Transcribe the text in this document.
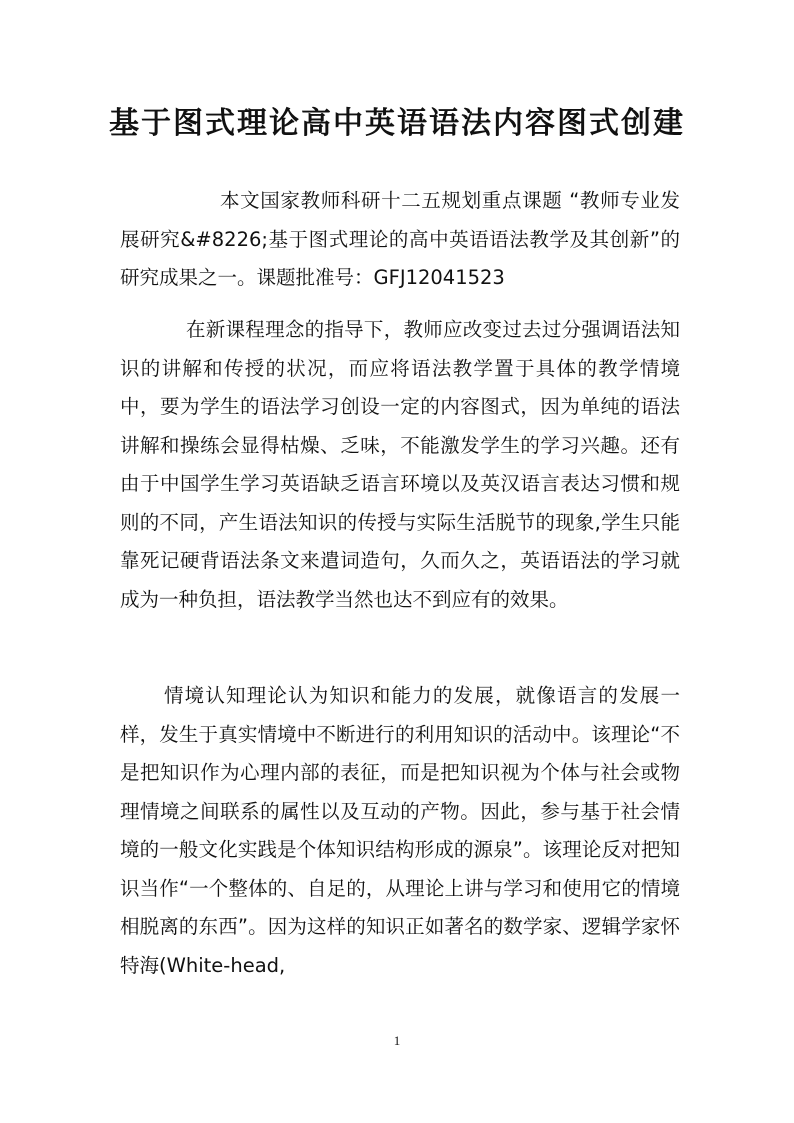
基于图式理论高中英语语法内容图式创建

本文国家教师科研十二五规划重点课题 “教师专业发展研究&#8226;基于图式理论的高中英语语法教学及其创新”的研究成果之一。课题批准号：GFJ12041523

在新课程理念的指导下，教师应改变过去过分强调语法知识的讲解和传授的状况，而应将语法教学置于具体的教学情境中，要为学生的语法学习创设一定的内容图式，因为单纯的语法讲解和操练会显得枯燥、乏味，不能激发学生的学习兴趣。还有由于中国学生学习英语缺乏语言环境以及英汉语言表达习惯和规则的不同，产生语法知识的传授与实际生活脱节的现象,学生只能靠死记硬背语法条文来遣词造句，久而久之，英语语法的学习就成为一种负担，语法教学当然也达不到应有的效果。

情境认知理论认为知识和能力的发展，就像语言的发展一样，发生于真实情境中不断进行的利用知识的活动中。该理论“不是把知识作为心理内部的表征，而是把知识视为个体与社会或物理情境之间联系的属性以及互动的产物。因此，参与基于社会情境的一般文化实践是个体知识结构形成的源泉”。该理论反对把知识当作“一个整体的、自足的，从理论上讲与学习和使用它的情境相脱离的东西”。因为这样的知识正如著名的数学家、逻辑学家怀特海(White-head,

1
